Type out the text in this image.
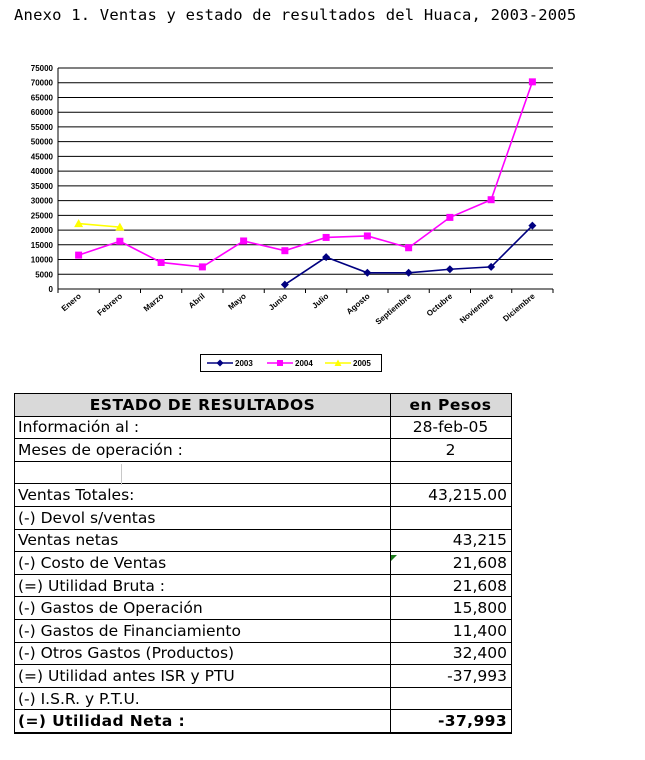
Anexo 1. Ventas y estado de resultados del Huaca, 2003-2005
0
5000
10000
15000
20000
25000
30000
35000
40000
45000
50000
55000
60000
65000
70000
75000
Enero Febrero Marzo	Abril Mayo Junio	Julio Agosto Septiembre Octubre Noviembre Diciembre
2003	2004	2005
ESTADO DE RESULTADOS	en Pesos
Información al :	28-feb-05
Meses de operación :	2

Ventas Totales:	43,215.00
(-) Devol s/ventas	
Ventas netas	43,215
(-) Costo de Ventas	21,608
(=) Utilidad Bruta :	21,608
(-) Gastos de Operación	15,800
(-) Gastos de Financiamiento	11,400
(-) Otros Gastos (Productos)	32,400
(=) Utilidad antes ISR y PTU	-37,993
(-) I.S.R. y P.T.U.	
(=) Utilidad Neta :	-37,993
